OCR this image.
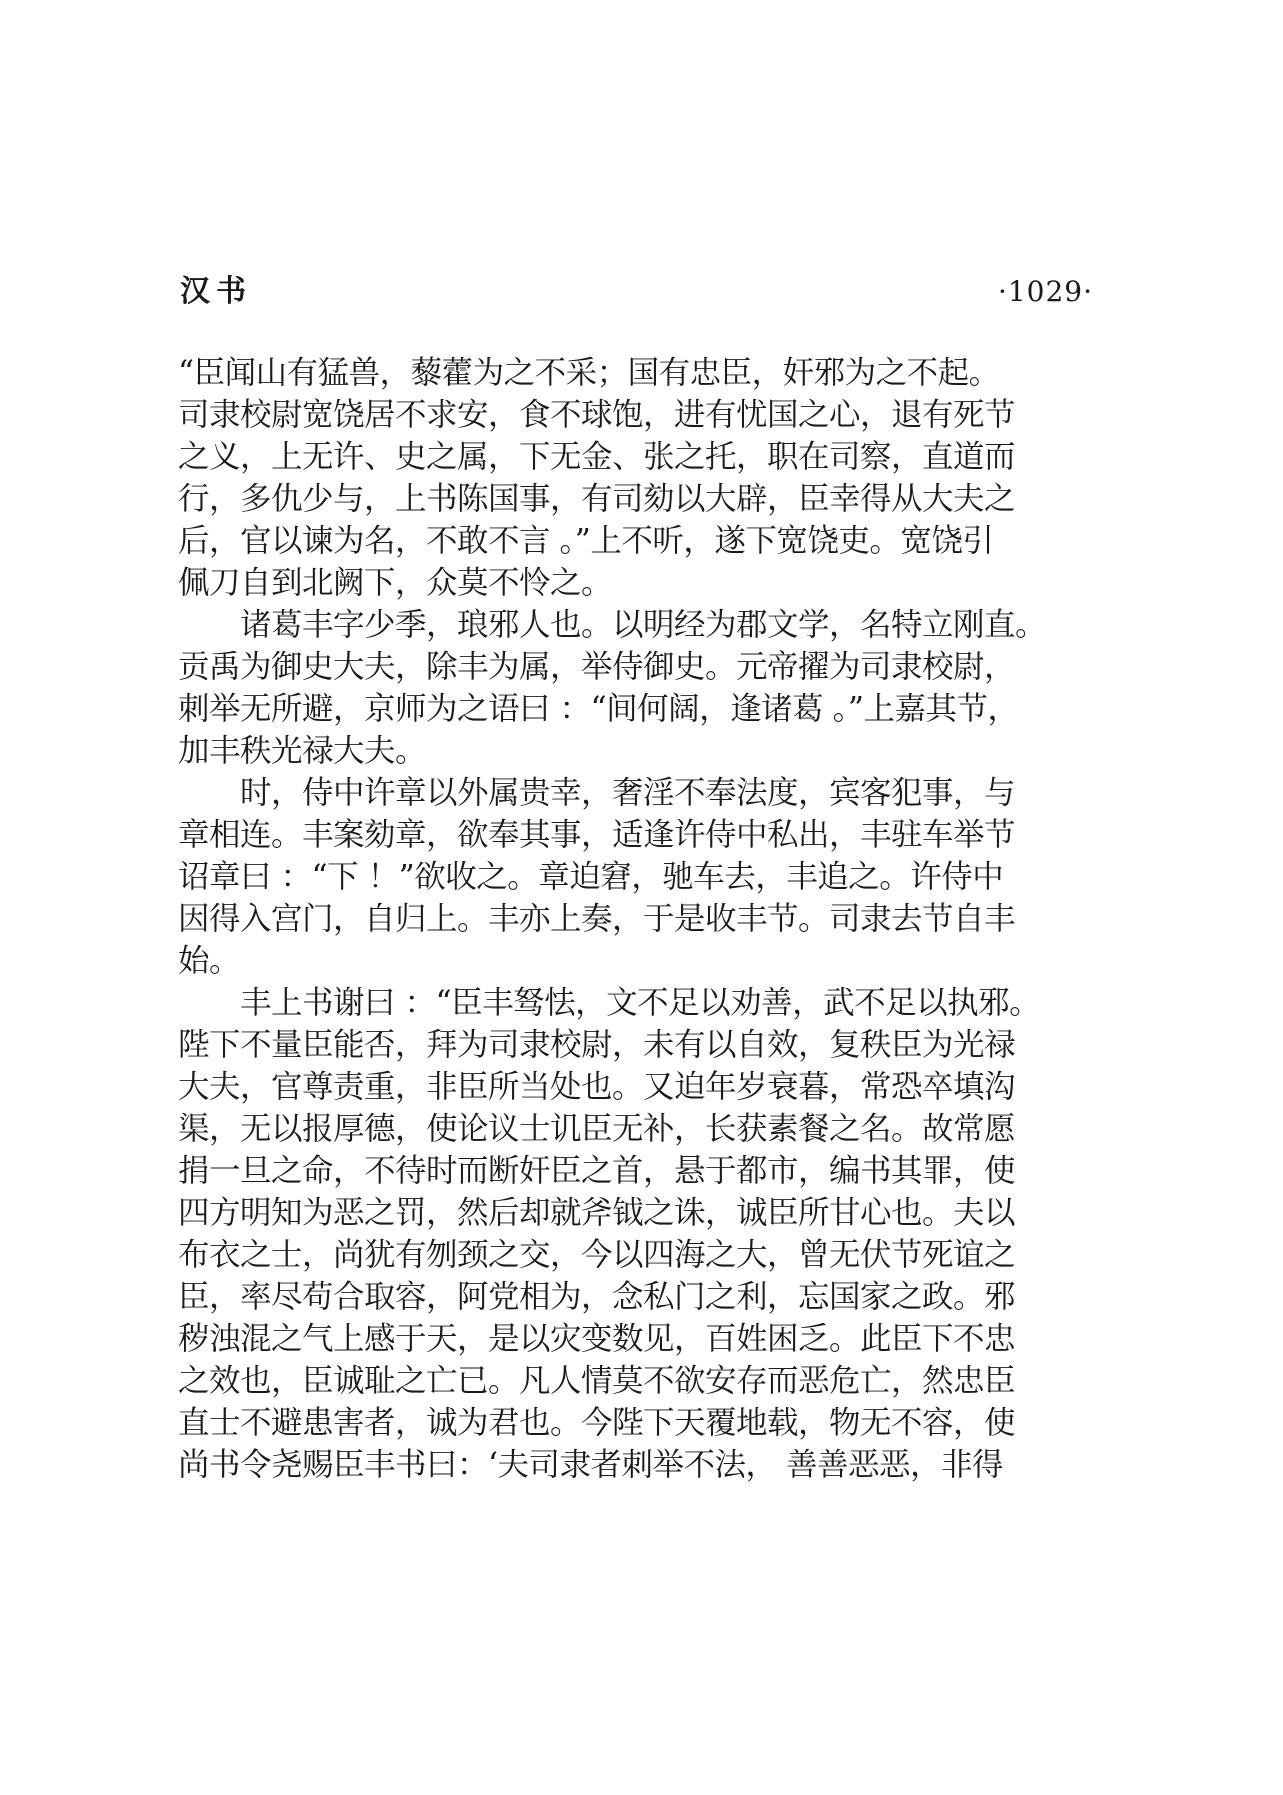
汉书	·1029·
“臣闻山有猛兽，藜藿为之不采；国有忠臣，奸邪为之不起。
司隶校尉宽饶居不求安，食不球饱，进有忧国之心，退有死节
之义，上无许、史之属，下无金、张之托，职在司察，直道而
行，多仇少与，上书陈国事，有司劾以大辟，臣幸得从大夫之
后，官以谏为名，不敢不言 。”上不听，遂下宽饶吏。宽饶引
佩刀自到北阙下，众莫不怜之。
　　诸葛丰字少季，琅邪人也。以明经为郡文学，名特立刚直。
贡禹为御史大夫，除丰为属，举侍御史。元帝擢为司隶校尉，
刺举无所避，京师为之语曰 ：“间何阔，逢诸葛 。”上嘉其节，
加丰秩光禄大夫。
　　时，侍中许章以外属贵幸，奢淫不奉法度，宾客犯事，与
章相连。丰案劾章，欲奉其事，适逢许侍中私出，丰驻车举节
诏章曰 ：“下 ！”欲收之。章迫窘，驰车去，丰追之。许侍中
因得入宫门，自归上。丰亦上奏，于是收丰节。司隶去节自丰
始。
　　丰上书谢曰 ：“臣丰驽怯，文不足以劝善，武不足以执邪。
陛下不量臣能否，拜为司隶校尉，未有以自效，复秩臣为光禄
大夫，官尊责重，非臣所当处也。又迫年岁衰暮，常恐卒填沟
渠，无以报厚德，使论议士讥臣无补，长获素餐之名。故常愿
捐一旦之命，不待时而断奸臣之首，悬于都市，编书其罪，使
四方明知为恶之罚，然后却就斧钺之诛，诚臣所甘心也。夫以
布衣之士，尚犹有刎颈之交，今以四海之大，曾无伏节死谊之
臣，率尽苟合取容，阿党相为，念私门之利，忘国家之政。邪
秽浊混之气上感于天，是以灾变数见，百姓困乏。此臣下不忠
之效也，臣诚耻之亡已。凡人情莫不欲安存而恶危亡，然忠臣
直士不避患害者，诚为君也。今陛下天覆地载，物无不容，使
尚书令尧赐臣丰书曰：‘夫司隶者刺举不法， 善善恶恶，非得
